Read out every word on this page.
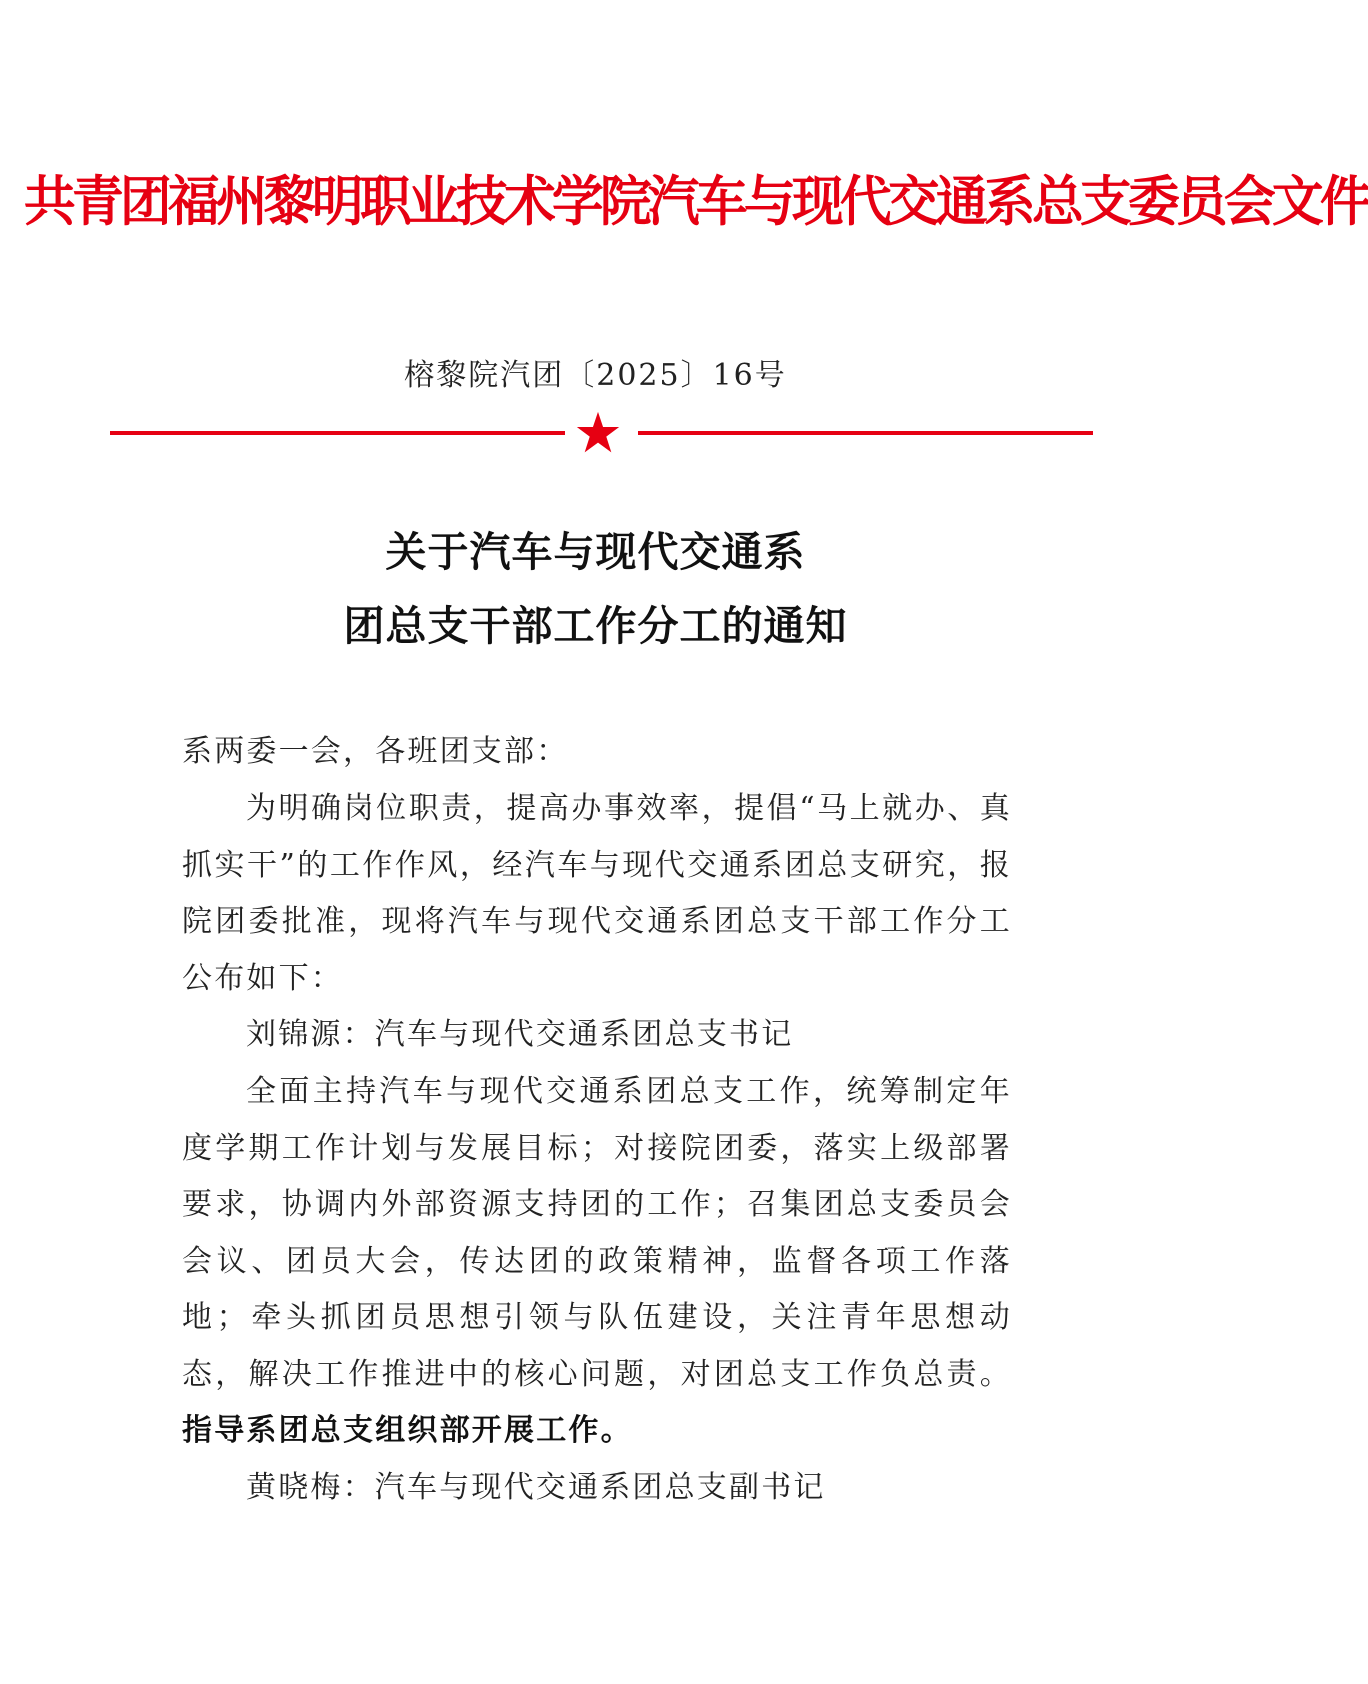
共青团福州黎明职业技术学院汽车与现代交通系总支委员会文件
榕黎院汽团〔2025〕16号
关于汽车与现代交通系
团总支干部工作分工的通知
系两委一会，各班团支部：

为明确岗位职责，提高办事效率，提倡“马上就办、真抓实干”的工作作风，经汽车与现代交通系团总支研究，报院团委批准，现将汽车与现代交通系团总支干部工作分工公布如下：

刘锦源：汽车与现代交通系团总支书记

全面主持汽车与现代交通系团总支工作，统筹制定年度学期工作计划与发展目标；对接院团委，落实上级部署要求，协调内外部资源支持团的工作；召集团总支委员会会议、团员大会，传达团的政策精神，监督各项工作落地；牵头抓团员思想引领与队伍建设，关注青年思想动态，解决工作推进中的核心问题，对团总支工作负总责。指导系团总支组织部开展工作。

黄晓梅：汽车与现代交通系团总支副书记
